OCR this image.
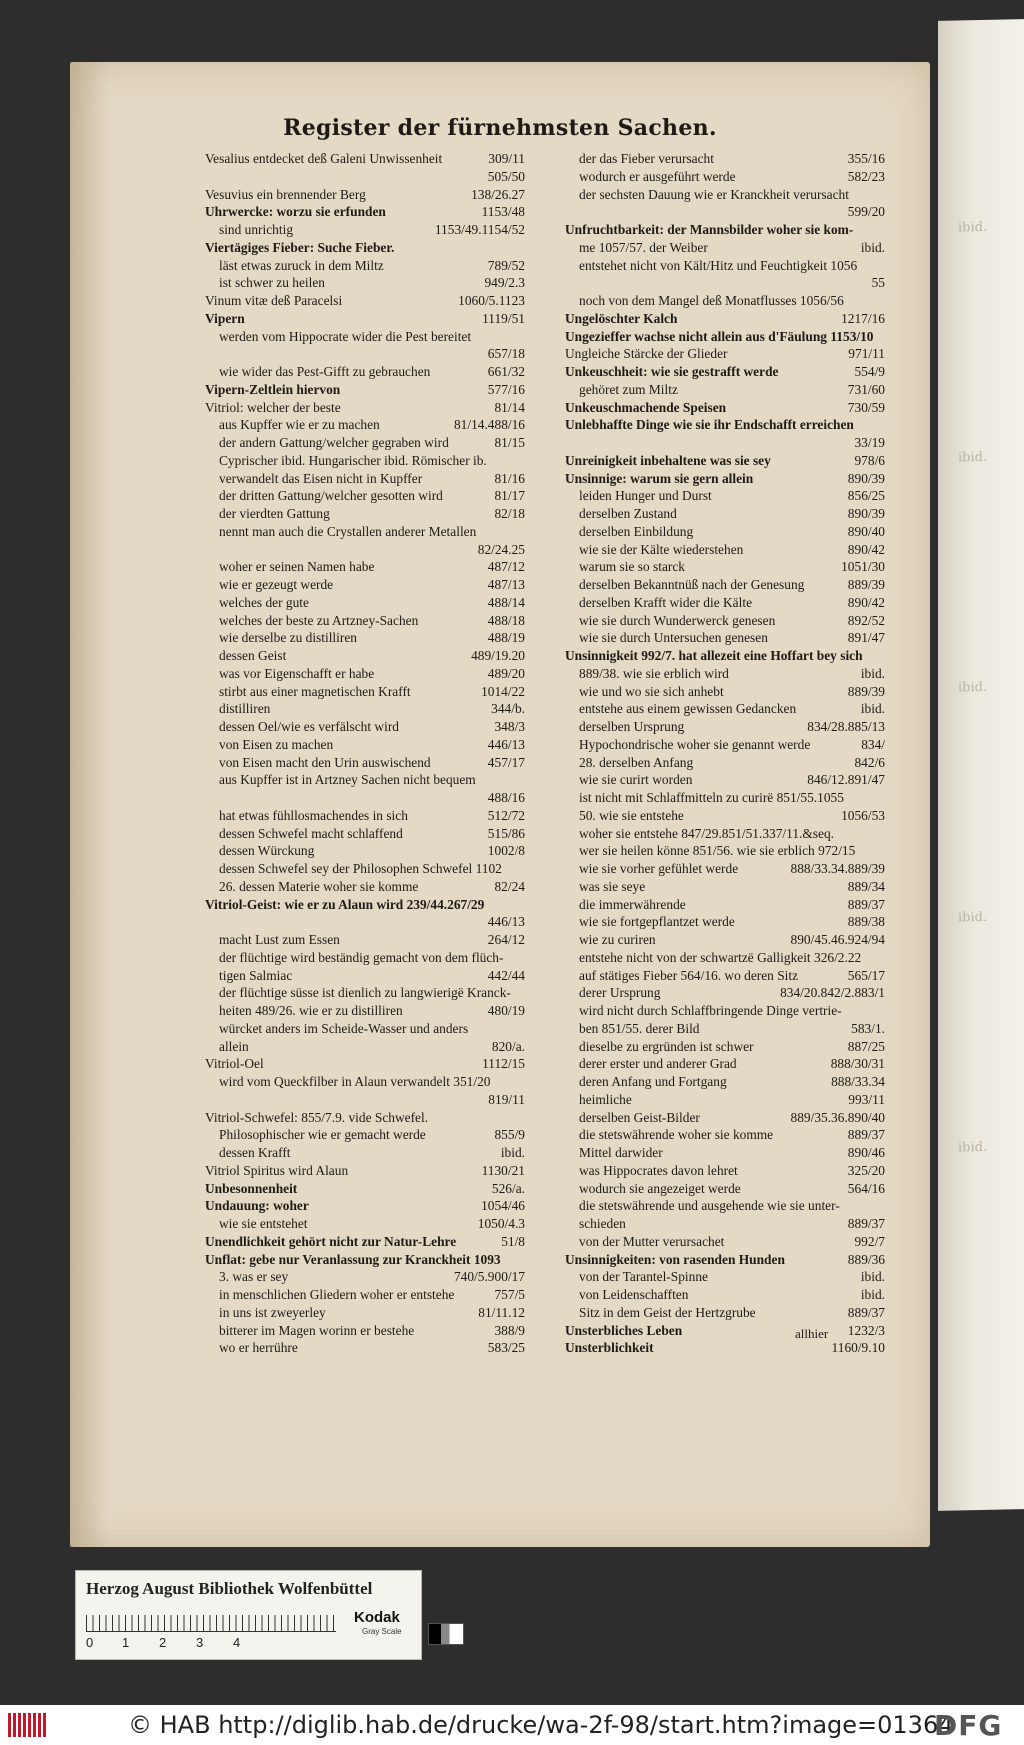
ibid.
ibid.
ibid.
ibid.
ibid.
Register der fürnehmsten Sachen.
Vesalius entdecket deß Galeni Unwissenheit	309/11
505/50
Vesuvius ein brennender Berg	138/26.27
Uhrwercke: worzu sie erfunden	1153/48
sind unrichtig	1153/49.1154/52
Viertägiges Fieber: Suche Fieber.
läst etwas zuruck in dem Miltz	789/52
ist schwer zu heilen	949/2.3
Vinum vitæ deß Paracelsi	1060/5.1123
Vipern	1119/51
werden vom Hippocrate wider die Pest bereitet
657/18
wie wider das Pest-Gifft zu gebrauchen	661/32
Vipern-Zeltlein hiervon	577/16
Vitriol: welcher der beste	81/14
aus Kupffer wie er zu machen	81/14.488/16
der andern Gattung/welcher gegraben wird	81/15
Cyprischer ibid. Hungarischer ibid. Römischer ib.
verwandelt das Eisen nicht in Kupffer	81/16
der dritten Gattung/welcher gesotten wird	81/17
der vierdten Gattung	82/18
nennt man auch die Crystallen anderer Metallen
82/24.25
woher er seinen Namen habe	487/12
wie er gezeugt werde	487/13
welches der gute	488/14
welches der beste zu Artzney-Sachen	488/18
wie derselbe zu distilliren	488/19
dessen Geist	489/19.20
was vor Eigenschafft er habe	489/20
stirbt aus einer magnetischen Krafft	1014/22
distilliren	344/b.
dessen Oel/wie es verfälscht wird	348/3
von Eisen zu machen	446/13
von Eisen macht den Urin auswischend	457/17
aus Kupffer ist in Artzney Sachen nicht bequem
488/16
hat etwas fühllosmachendes in sich	512/72
dessen Schwefel macht schlaffend	515/86
dessen Würckung	1002/8
dessen Schwefel sey der Philosophen Schwefel 1102
26. dessen Materie woher sie komme	82/24
Vitriol-Geist: wie er zu Alaun wird 239/44.267/29
446/13
macht Lust zum Essen	264/12
der flüchtige wird beständig gemacht von dem flüch-
tigen Salmiac	442/44
der flüchtige süsse ist dienlich zu langwierigë Kranck-
heiten 489/26. wie er zu distilliren	480/19
würcket anders im Scheide-Wasser und anders
allein	820/a.
Vitriol-Oel	1112/15
wird vom Queckfilber in Alaun verwandelt 351/20
819/11
Vitriol-Schwefel: 855/7.9. vide Schwefel.
Philosophischer wie er gemacht werde	855/9
dessen Krafft	ibid.
Vitriol Spiritus wird Alaun	1130/21
Unbesonnenheit	526/a.
Undauung: woher	1054/46
wie sie entstehet	1050/4.3
Unendlichkeit gehört nicht zur Natur-Lehre	51/8
Unflat: gebe nur Veranlassung zur Kranckheit 1093
3. was er sey	740/5.900/17
in menschlichen Gliedern woher er entstehe	757/5
in uns ist zweyerley	81/11.12
bitterer im Magen worinn er bestehe	388/9
wo er herrühre	583/25
der das Fieber verursacht	355/16
wodurch er ausgeführt werde	582/23
der sechsten Dauung wie er Kranckheit verursacht
599/20
Unfruchtbarkeit: der Mannsbilder woher sie kom-
me 1057/57. der Weiber	ibid.
entstehet nicht von Kält/Hitz und Feuchtigkeit 1056
55
noch von dem Mangel deß Monatflusses 1056/56
Ungelöschter Kalch	1217/16
Ungezieffer wachse nicht allein aus d'Fäulung 1153/10
Ungleiche Stärcke der Glieder	971/11
Unkeuschheit: wie sie gestrafft werde	554/9
gehöret zum Miltz	731/60
Unkeuschmachende Speisen	730/59
Unlebhaffte Dinge wie sie ihr Endschafft erreichen
33/19
Unreinigkeit inbehaltene was sie sey	978/6
Unsinnige: warum sie gern allein	890/39
leiden Hunger und Durst	856/25
derselben Zustand	890/39
derselben Einbildung	890/40
wie sie der Kälte wiederstehen	890/42
warum sie so starck	1051/30
derselben Bekanntnüß nach der Genesung	889/39
derselben Krafft wider die Kälte	890/42
wie sie durch Wunderwerck genesen	892/52
wie sie durch Untersuchen genesen	891/47
Unsinnigkeit 992/7. hat allezeit eine Hoffart bey sich
889/38. wie sie erblich wird	ibid.
wie und wo sie sich anhebt	889/39
entstehe aus einem gewissen Gedancken	ibid.
derselben Ursprung	834/28.885/13
Hypochondrische woher sie genannt werde	834/
28. derselben Anfang	842/6
wie sie curirt worden	846/12.891/47
ist nicht mit Schlaffmitteln zu curirë 851/55.1055
50. wie sie entstehe	1056/53
woher sie entstehe 847/29.851/51.337/11.&seq.
wer sie heilen könne 851/56. wie sie erblich 972/15
wie sie vorher gefühlet werde	888/33.34.889/39
was sie seye	889/34
die immerwährende	889/37
wie sie fortgepflantzet werde	889/38
wie zu curiren	890/45.46.924/94
entstehe nicht von der schwartzë Galligkeit 326/2.22
auf stätiges Fieber 564/16. wo deren Sitz	565/17
derer Ursprung	834/20.842/2.883/1
wird nicht durch Schlaffbringende Dinge vertrie-
ben 851/55. derer Bild	583/1.
dieselbe zu ergründen ist schwer	887/25
derer erster und anderer Grad	888/30/31
deren Anfang und Fortgang	888/33.34
heimliche	993/11
derselben Geist-Bilder	889/35.36.890/40
die stetswährende woher sie komme	889/37
Mittel darwider	890/46
was Hippocrates davon lehret	325/20
wodurch sie angezeiget werde	564/16
die stetswährende und ausgehende wie sie unter-
schieden	889/37
von der Mutter verursachet	992/7
Unsinnigkeiten: von rasenden Hunden	889/36
von der Tarantel-Spinne	ibid.
von Leidenschafften	ibid.
Sitz in dem Geist der Hertzgrube	889/37
Unsterbliches Leben	1232/3
Unsterblichkeit	1160/9.10
allhier
Herzog August Bibliothek Wolfenbüttel
0 1 2 3 4
Kodak
Gray Scale
© HAB http://diglib.hab.de/drucke/wa-2f-98/start.htm?image=01364
DFG
